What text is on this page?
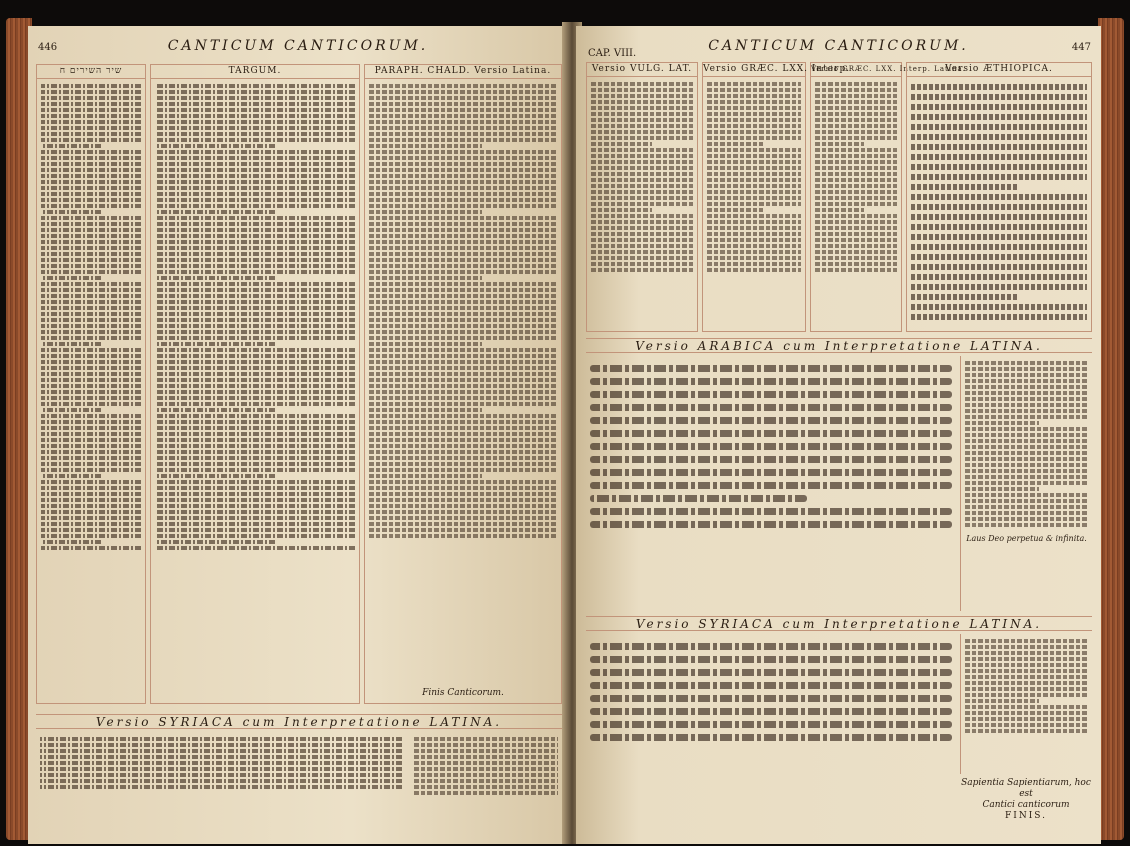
446	CANTICUM CANTICORUM.
שיר השירים ח	TARGUM.	PARAPH. CHALD. Versio Latina.
Finis Canticorum.
Versio SYRIACA cum Interpretatione LATINA.
CAP. VIII.
447
CANTICUM CANTICORUM.
Versio VULG. LAT.	Versio GRÆC. LXX. Interp.
Versio GRÆC. LXX. Interp. Latina.
Versio ÆTHIOPICA.
Versio ARABICA cum Interpretatione LATINA.
Laus Deo perpetua & infinita.
Versio SYRIACA cum Interpretatione LATINA.
Sapientia Sapientiarum, hoc est
Cantici canticorum
FINIS.
